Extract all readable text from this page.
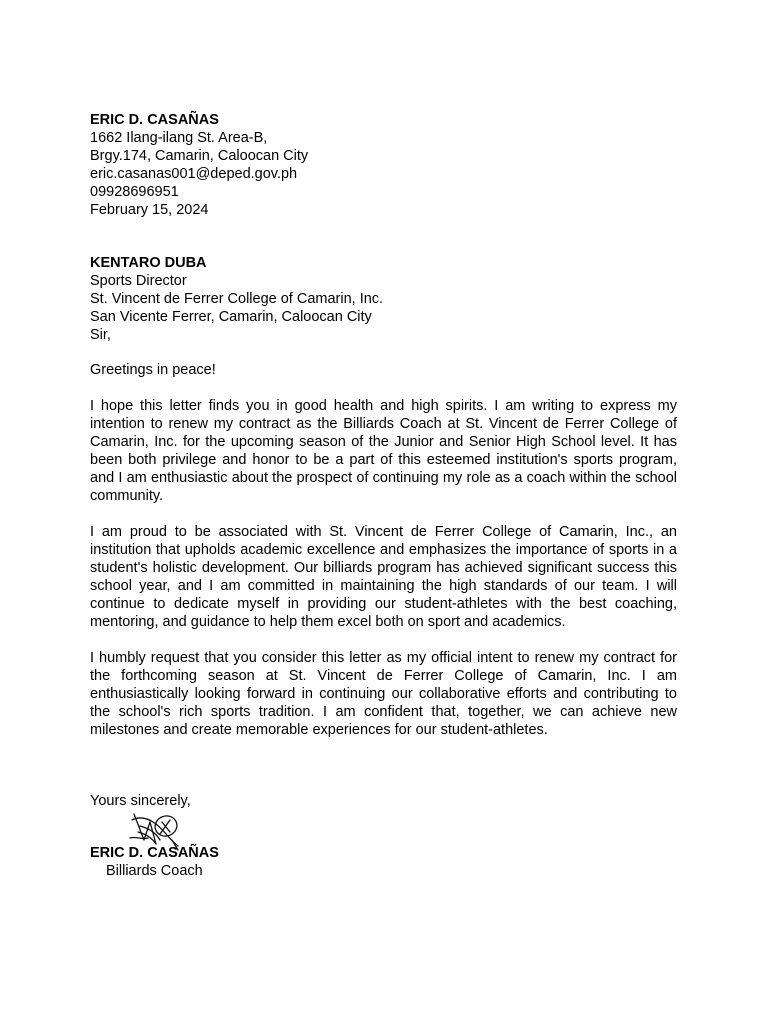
ERIC D. CASAÑAS
1662 Ilang-ilang St. Area-B,
Brgy.174, Camarin, Caloocan City
eric.casanas001@deped.gov.ph
09928696951
February 15, 2024
KENTARO DUBA
Sports Director
St. Vincent de Ferrer College of Camarin, Inc.
San Vicente Ferrer, Camarin, Caloocan City

Sir,

Greetings in peace!

I hope this letter finds you in good health and high spirits. I am writing to express my intention to renew my contract as the Billiards Coach at St. Vincent de Ferrer College of Camarin, Inc. for the upcoming season of the Junior and Senior High School level. It has been both privilege and honor to be a part of this esteemed institution's sports program, and I am enthusiastic about the prospect of continuing my role as a coach within the school community.

I am proud to be associated with St. Vincent de Ferrer College of Camarin, Inc., an institution that upholds academic excellence and emphasizes the importance of sports in a student's holistic development. Our billiards program has achieved significant success this school year, and I am committed in maintaining the high standards of our team. I will continue to dedicate myself in providing our student-athletes with the best coaching, mentoring, and guidance to help them excel both on sport and academics.

I humbly request that you consider this letter as my official intent to renew my contract for the forthcoming season at St. Vincent de Ferrer College of Camarin, Inc. I am enthusiastically looking forward in continuing our collaborative efforts and contributing to the school's rich sports tradition. I am confident that, together, we can achieve new milestones and create memorable experiences for our student-athletes.

Yours sincerely,

ERIC D. CASAÑAS
Billiards Coach
